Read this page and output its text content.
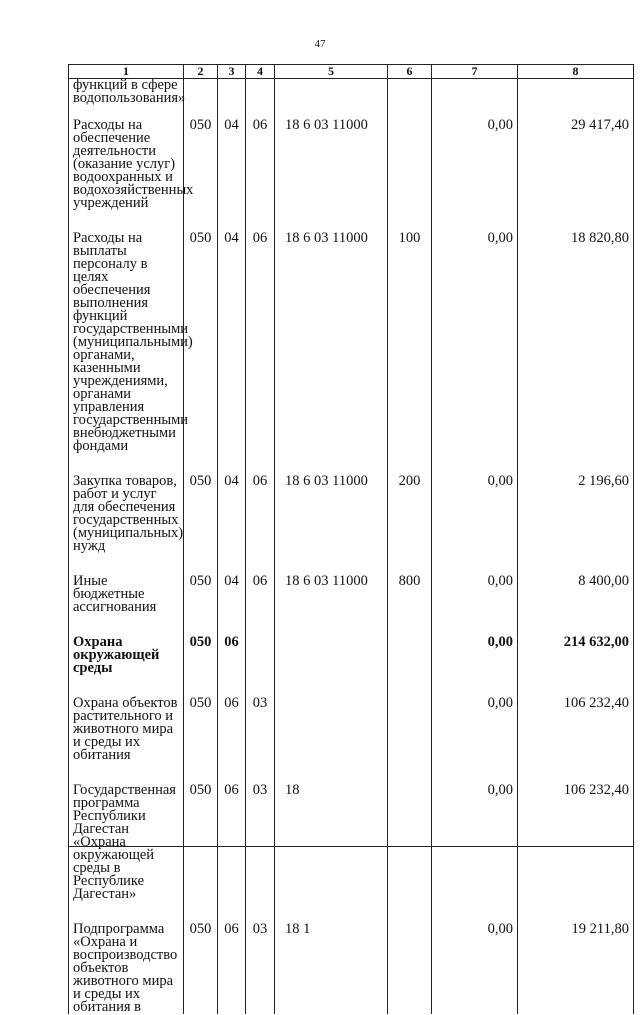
47
1	2	3	4	5	6	7	8
функций в сфере водопользования»							
Расходы на обеспечение деятельности (оказание услуг) водоохранных и водохозяйственных учреждений	050	04	06	18 6 03 11000		0,00	29 417,40
Расходы на выплаты персоналу в целях обеспечения выполнения функций государственными (муниципальными) органами, казенными учреждениями, органами управления государственными внебюджетными фондами	050	04	06	18 6 03 11000	100	0,00	18 820,80
Закупка товаров, работ и услуг для обеспечения государственных (муниципальных) нужд	050	04	06	18 6 03 11000	200	0,00	2 196,60
Иные бюджетные ассигнования	050	04	06	18 6 03 11000	800	0,00	8 400,00
Охрана окружающей среды	050	06				0,00	214 632,00
Охрана объектов растительного и животного мира и среды их обитания	050	06	03			0,00	106 232,40
Государственная программа Республики Дагестан «Охрана окружающей среды в Республике Дагестан»	050	06	03	18		0,00	106 232,40
Подпрограмма «Охрана и воспроизводство объектов животного мира и среды их обитания в	050	06	03	18 1		0,00	19 211,80
